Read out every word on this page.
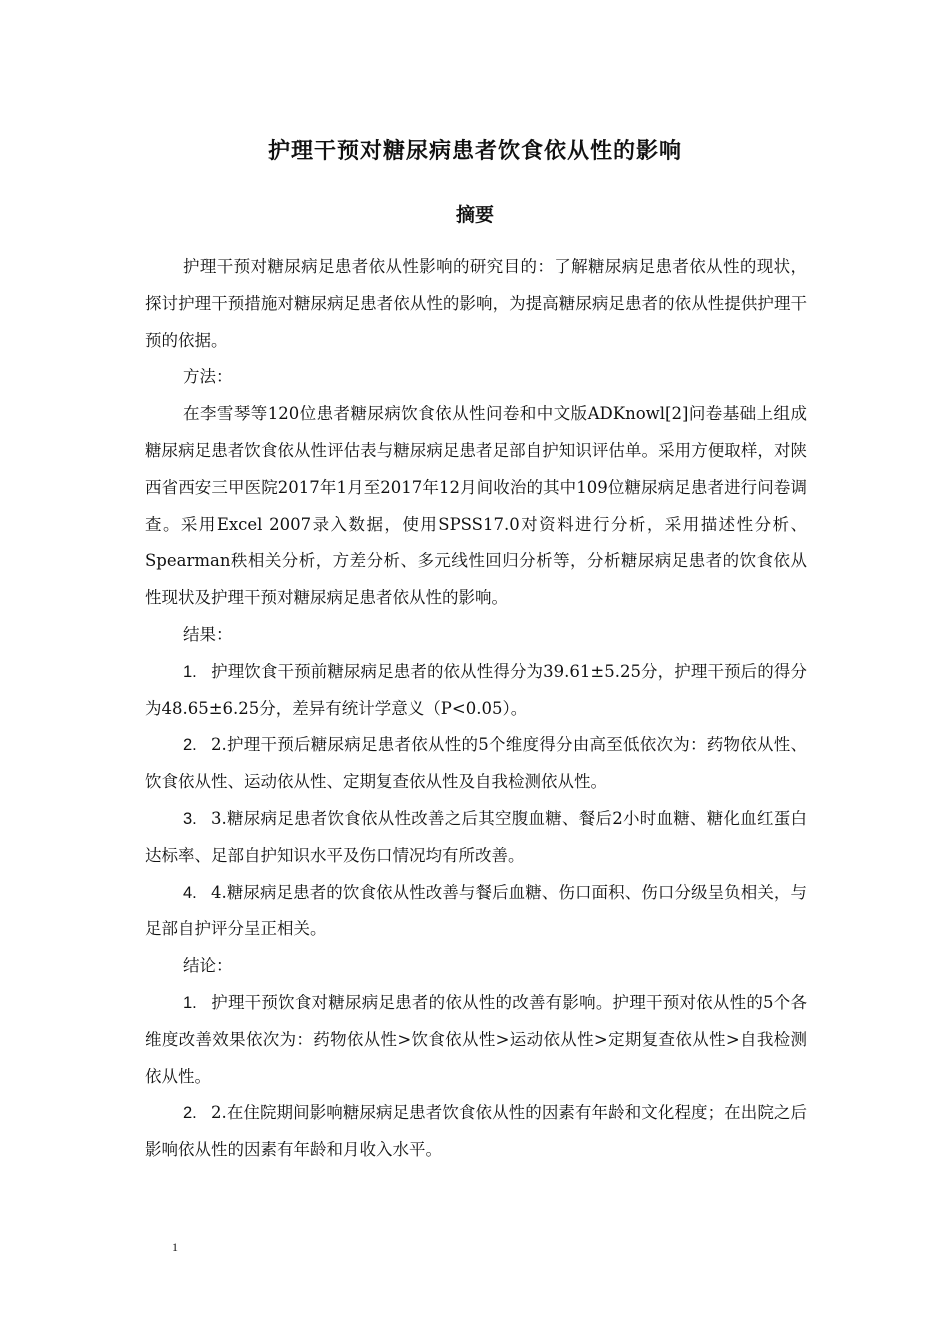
护理干预对糖尿病患者饮食依从性的影响
摘要

护理干预对糖尿病足患者依从性影响的研究目的：了解糖尿病足患者依从性的现状，探讨护理干预措施对糖尿病足患者依从性的影响，为提高糖尿病足患者的依从性提供护理干预的依据。

方法：

在李雪琴等120位患者糖尿病饮食依从性问卷和中文版ADKnowl[2]问卷基础上组成糖尿病足患者饮食依从性评估表与糖尿病足患者足部自护知识评估单。采用方便取样，对陕西省西安三甲医院2017年1月至2017年12月间收治的其中109位糖尿病足患者进行问卷调查。采用Excel 2007录入数据，使用SPSS17.0对资料进行分析，采用描述性分析、Spearman秩相关分析，方差分析、多元线性回归分析等，分析糖尿病足患者的饮食依从性现状及护理干预对糖尿病足患者依从性的影响。

结果：

1. 护理饮食干预前糖尿病足患者的依从性得分为39.61±5.25分，护理干预后的得分为48.65±6.25分，差异有统计学意义（P<0.05）。

2. 2.护理干预后糖尿病足患者依从性的5个维度得分由高至低依次为：药物依从性、饮食依从性、运动依从性、定期复查依从性及自我检测依从性。

3. 3.糖尿病足患者饮食依从性改善之后其空腹血糖、餐后2小时血糖、糖化血红蛋白达标率、足部自护知识水平及伤口情况均有所改善。

4. 4.糖尿病足患者的饮食依从性改善与餐后血糖、伤口面积、伤口分级呈负相关，与足部自护评分呈正相关。

结论：

1. 护理干预饮食对糖尿病足患者的依从性的改善有影响。护理干预对依从性的5个各维度改善效果依次为：药物依从性>饮食依从性>运动依从性>定期复查依从性>自我检测依从性。

2. 2.在住院期间影响糖尿病足患者饮食依从性的因素有年龄和文化程度；在出院之后影响依从性的因素有年龄和月收入水平。

1
